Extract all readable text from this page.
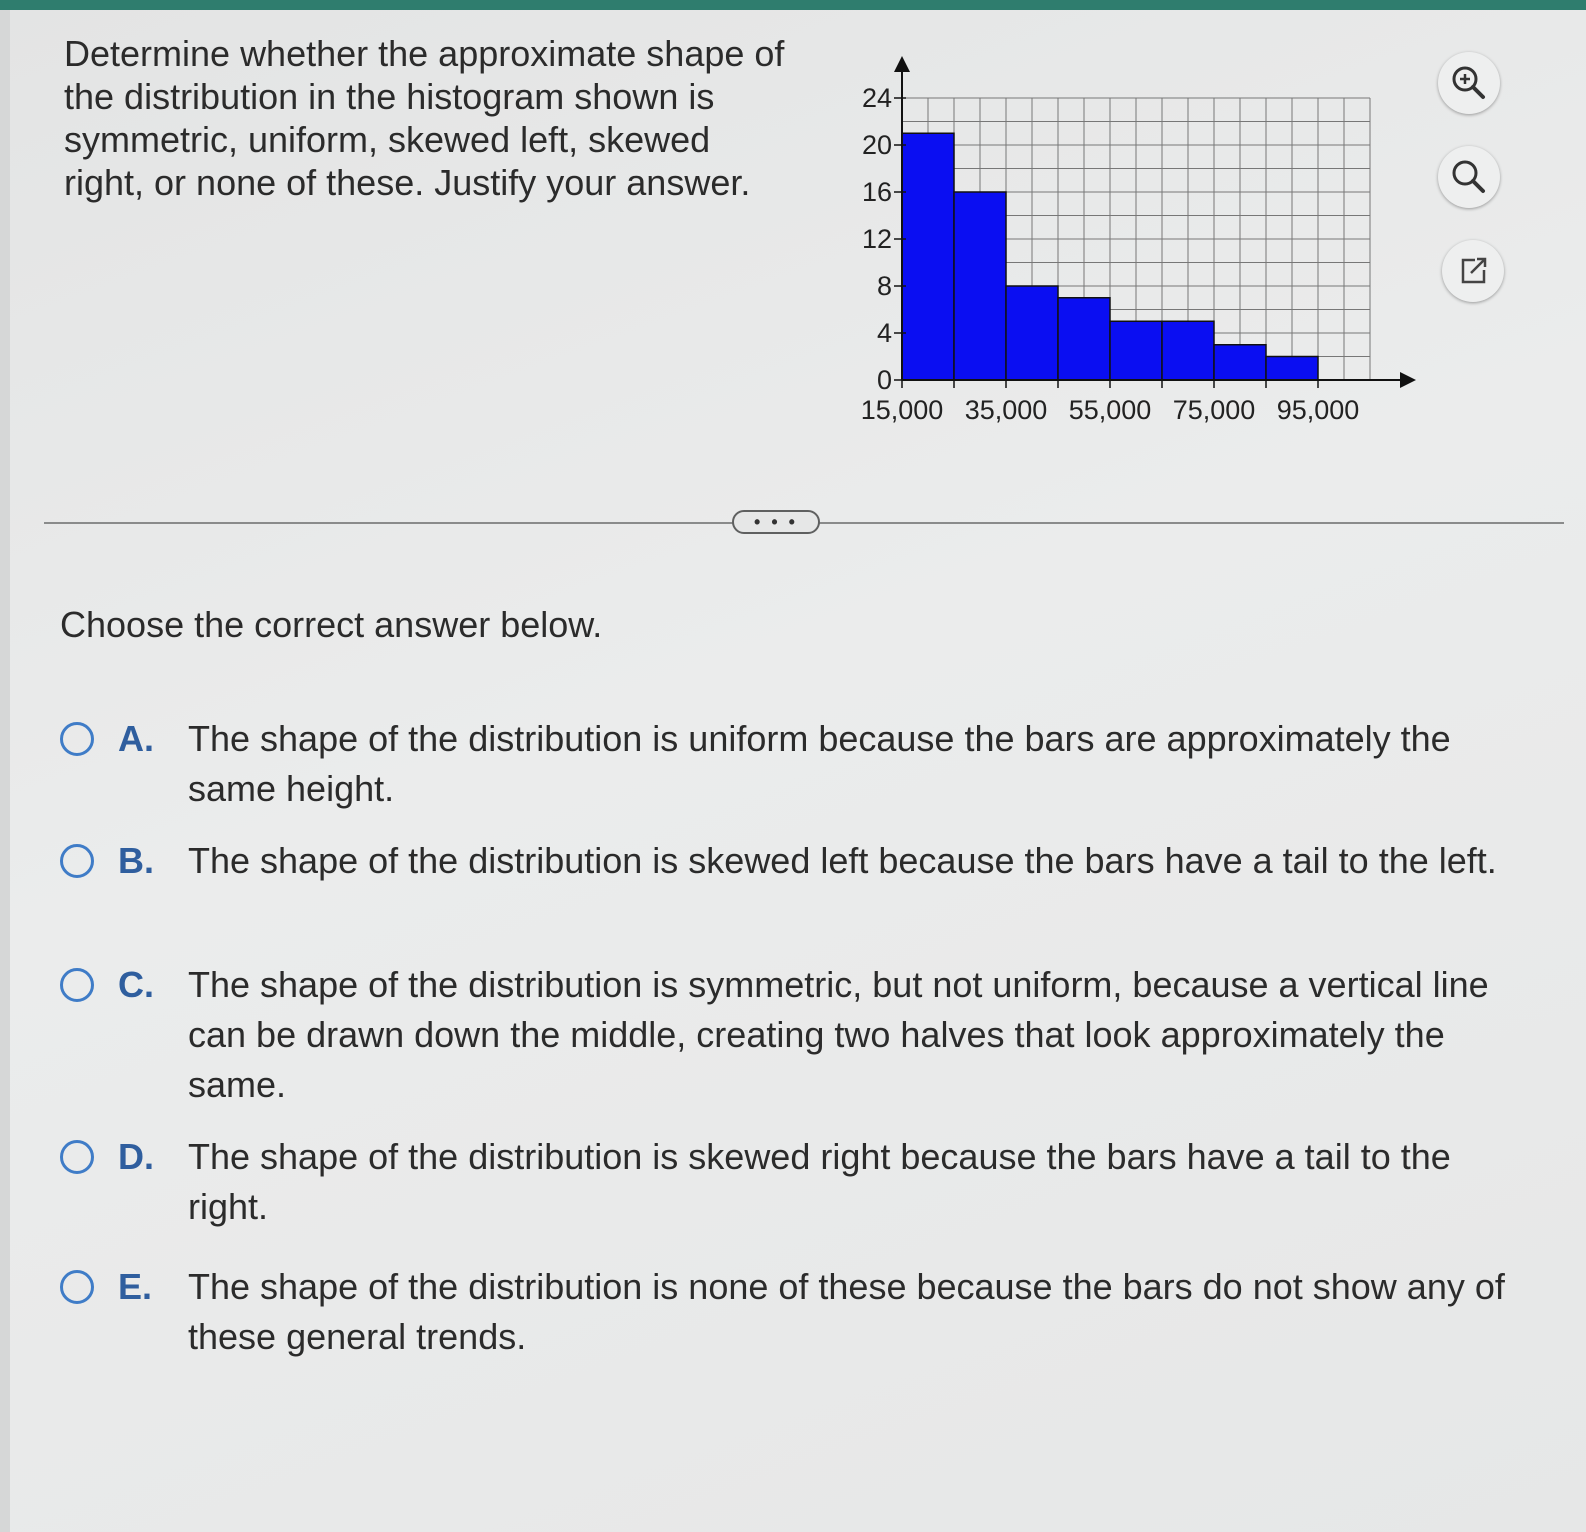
Determine whether the approximate shape of the distribution in the histogram shown is symmetric, uniform, skewed left, skewed right, or none of these. Justify your answer.
0
4
8
12
16
20
24
15,000 35,000 55,000 75,000 95,000
• • •
Choose the correct answer below.
A. The shape of the distribution is uniform because the bars are approximately the same height.
B. The shape of the distribution is skewed left because the bars have a tail to the left.
C. The shape of the distribution is symmetric, but not uniform, because a vertical line can be drawn down the middle, creating two halves that look approximately the same.
D. The shape of the distribution is skewed right because the bars have a tail to the right.
E. The shape of the distribution is none of these because the bars do not show any of these general trends.
